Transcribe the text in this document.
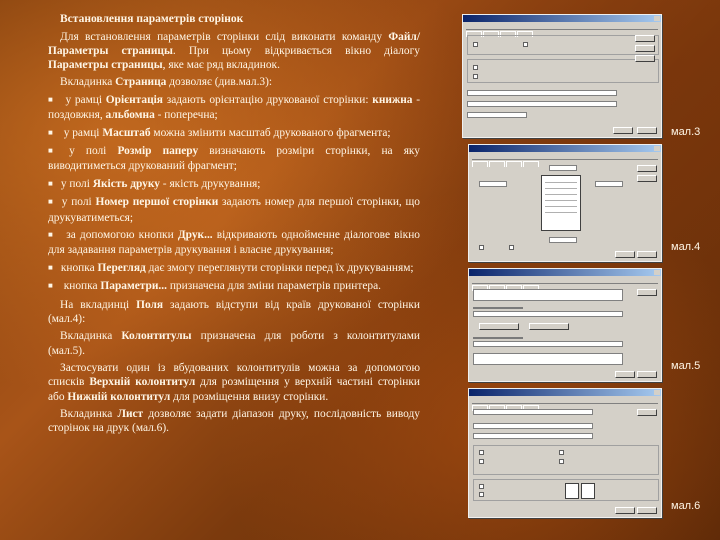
Встановлення параметрів сторінок

Для встановлення параметрів сторінки слід виконати команду Файл/Параметры страницы. При цьому відкривається вікно діалогу Параметры страницы, яке має ряд вкладинок.

Вкладинка Страница дозволяє (див.мал.3):

■ у рамці Орієнтація задають орієнтацію друкованої сторінки: книжна - поздовжня, альбомна - поперечна;

■ у рамці Масштаб можна змінити масштаб друкованого фрагмента;

■ у полі Розмір паперу визначають розміри сторінки, на яку виводитиметься друкований фрагмент;

■ у полі Якість друку - якість друкування;

■ у полі Номер першої сторінки задають номер для першої сторінки, що друкуватиметься;

■ за допомогою кнопки Друк... відкривають однойменне діалогове вікно для задавання параметрів друкування і власне друкування;

■ кнопка Перегляд дає змогу переглянути сторінки перед їх друкуванням;

■ кнопка Параметри... призначена для зміни параметрів принтера.

На вкладинці Поля задають відступи від країв друкованої сторінки (мал.4):

Вкладинка Колонтитулы призначена для роботи з колонтитулами (мал.5).

Застосувати один із вбудованих колонтитулів можна за допомогою списків Верхній колонтитул для розміщення у верхній частині сторінки або Нижній колонтитул для розміщення внизу сторінки.

Вкладинка Лист дозволяє задати діапазон друку, послідовність виводу сторінок на друк (мал.6).

мал.3
мал.4
мал.5
мал.6
